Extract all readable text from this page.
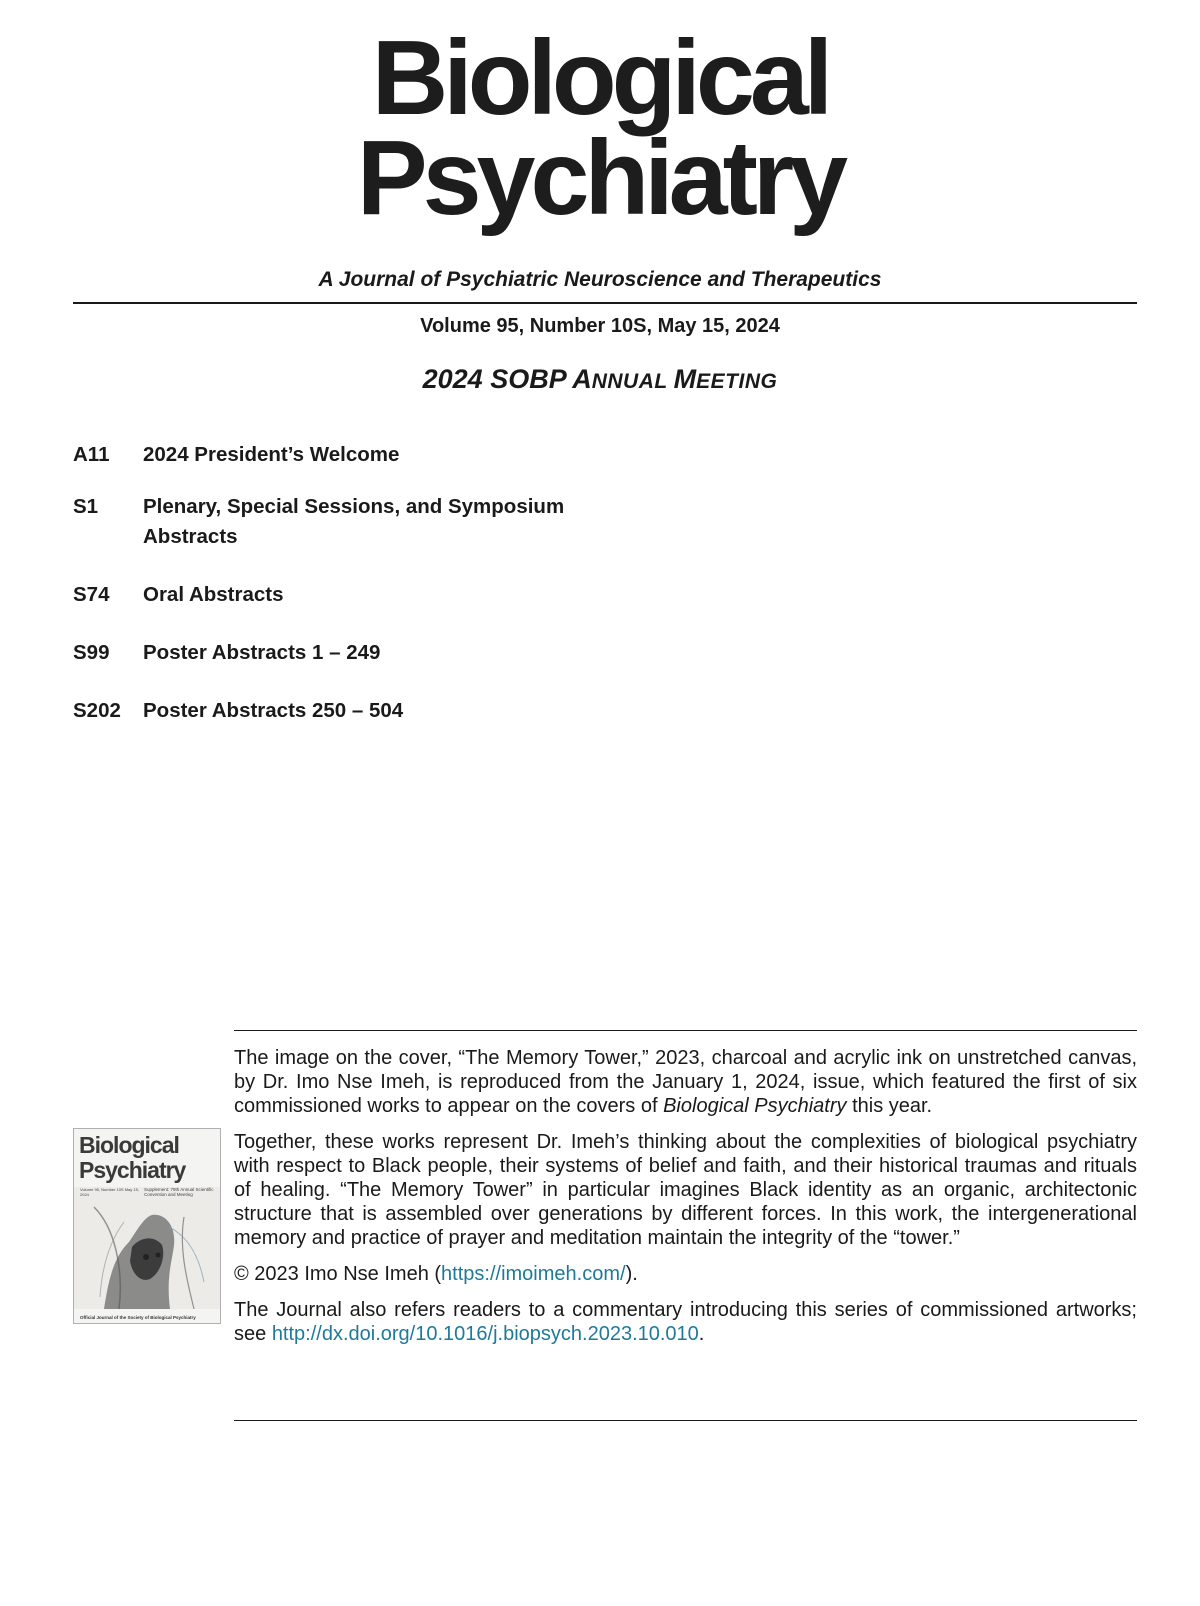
Biological
Psychiatry
A Journal of Psychiatric Neuroscience and Therapeutics
Volume 95, Number 10S, May 15, 2024
2024 SOBP ANNUAL MEETING
A11	2024 President’s Welcome
S1	Plenary, Special Sessions, and Symposium
Abstracts
S74	Oral Abstracts
S99	Poster Abstracts 1 – 249
S202	Poster Abstracts 250 – 504
Biological
Psychiatry
Volume 95, Number 10S May 15, 2024
Supplement: 79th Annual Scientific Convention and Meeting
Official Journal of the Society of Biological Psychiatry

The image on the cover, “The Memory Tower,” 2023, charcoal and acrylic ink on unstretched canvas, by Dr. Imo Nse Imeh, is reproduced from the January 1, 2024, issue, which featured the first of six commissioned works to appear on the covers of Biological Psychiatry this year.

Together, these works represent Dr. Imeh’s thinking about the complexities of biological psychiatry with respect to Black people, their systems of belief and faith, and their historical traumas and rituals of healing. “The Memory Tower” in particular imagines Black identity as an organic, architectonic structure that is assembled over generations by different forces. In this work, the intergenerational memory and practice of prayer and meditation maintain the integrity of the “tower.”

© 2023 Imo Nse Imeh (https://imoimeh.com/).

The Journal also refers readers to a commentary introducing this series of commissioned artworks; see http://dx.doi.org/10.1016/j.biopsych.2023.10.010.
